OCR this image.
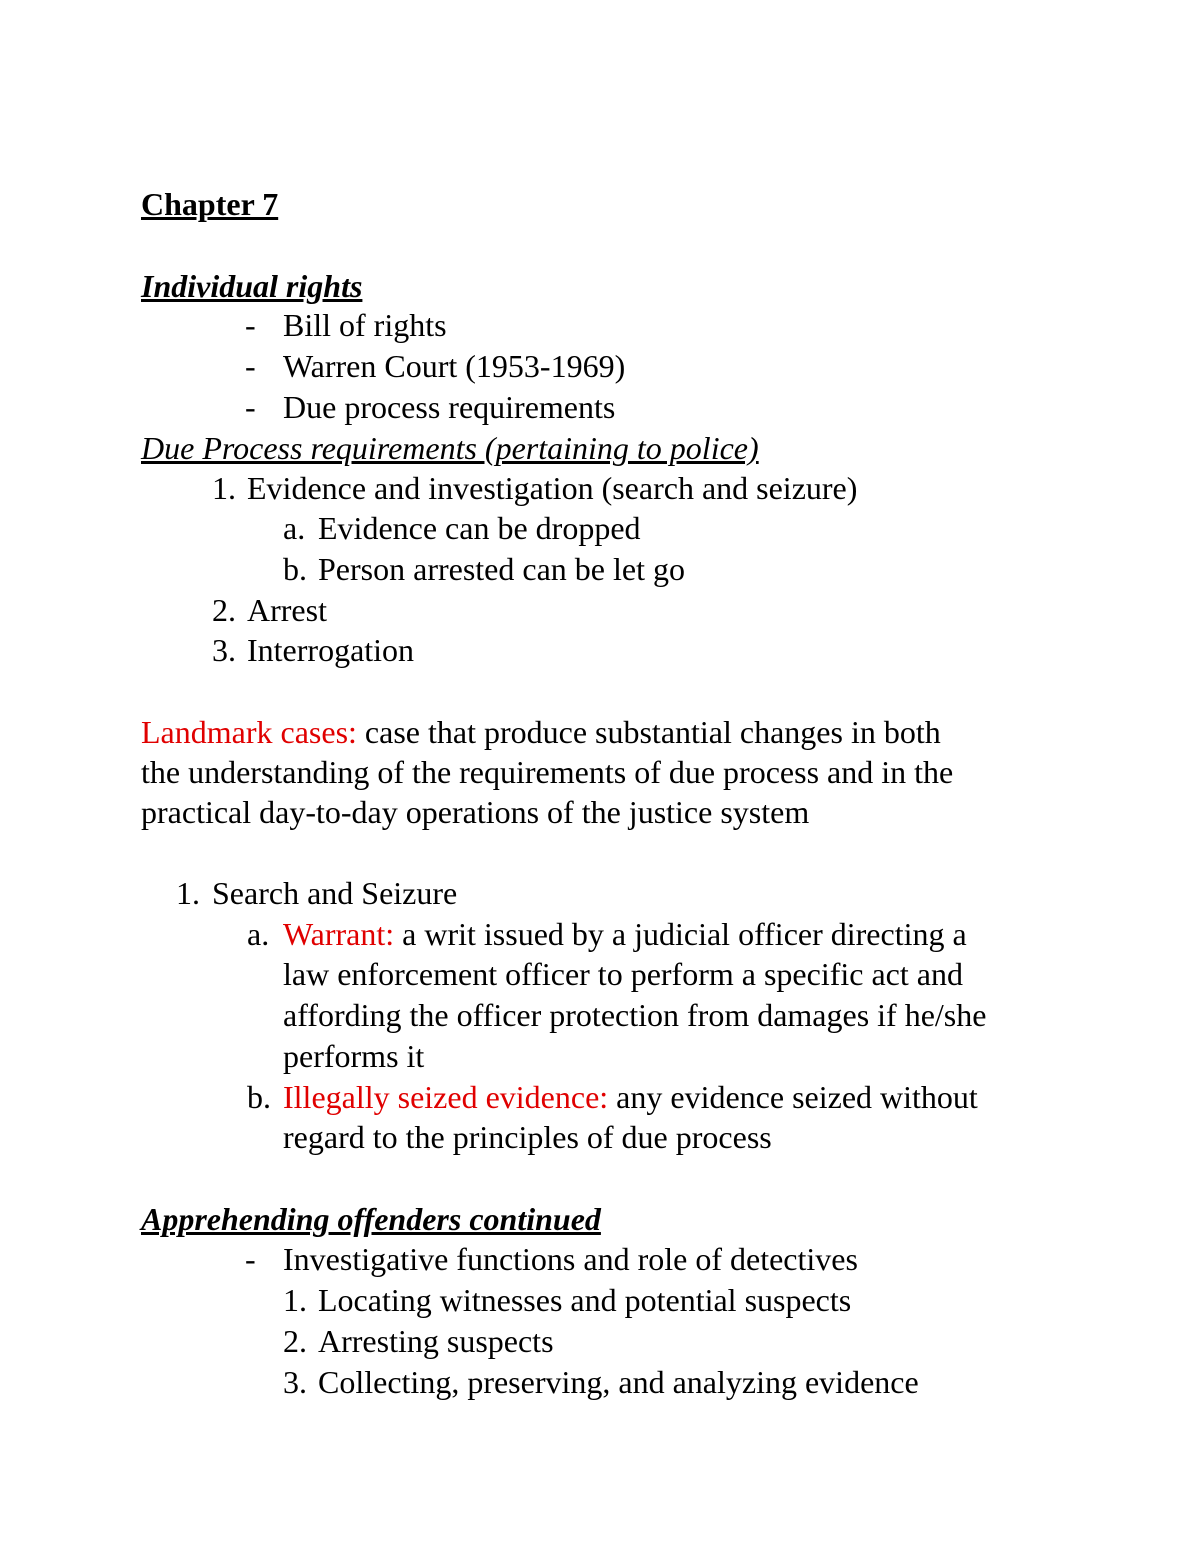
Chapter 7
Individual rights
- Bill of rights
- Warren Court (1953-1969)
- Due process requirements
Due Process requirements (pertaining to police)
1. Evidence and investigation (search and seizure)
a. Evidence can be dropped
b. Person arrested can be let go
2. Arrest
3. Interrogation
Landmark cases: case that produce substantial changes in both
the understanding of the requirements of due process and in the
practical day-to-day operations of the justice system
1. Search and Seizure
a. Warrant: a writ issued by a judicial officer directing a
law enforcement officer to perform a specific act and
affording the officer protection from damages if he/she
performs it
b. Illegally seized evidence: any evidence seized without
regard to the principles of due process
Apprehending offenders continued
- Investigative functions and role of detectives
1. Locating witnesses and potential suspects
2. Arresting suspects
3. Collecting, preserving, and analyzing evidence
